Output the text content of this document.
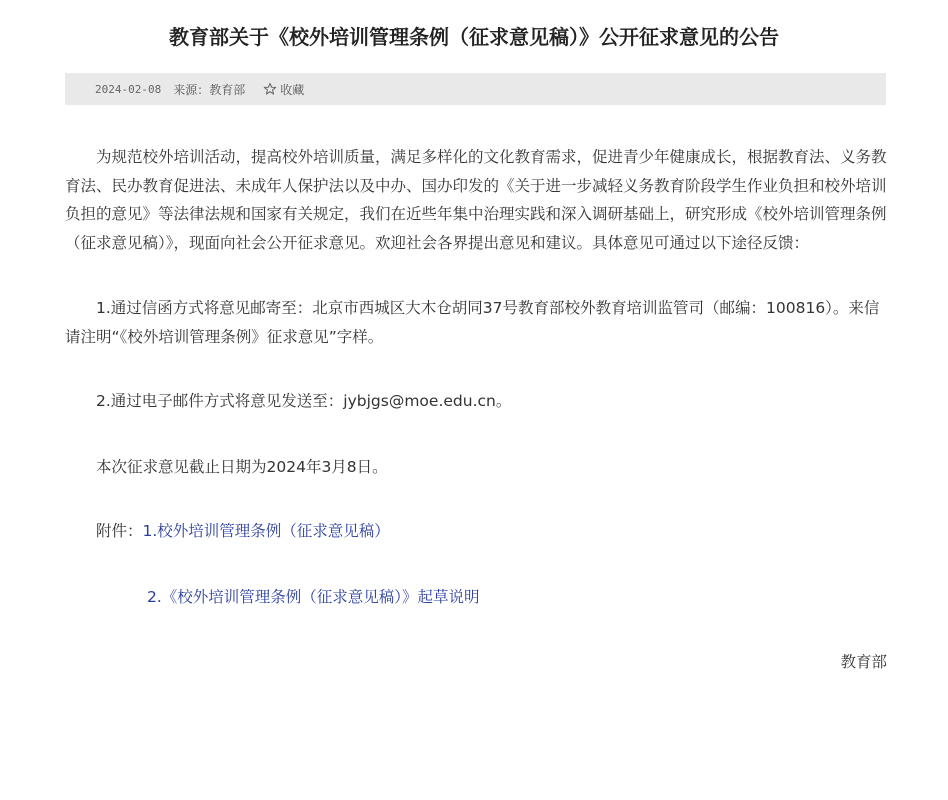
教育部关于《校外培训管理条例（征求意见稿）》公开征求意见的公告
2024-02-08 来源： 教育部	收藏

为规范校外培训活动，提高校外培训质量，满足多样化的文化教育需求，促进青少年健康成长，根据教育法、义务教育法、民办教育促进法、未成年人保护法以及中办、国办印发的《关于进一步减轻义务教育阶段学生作业负担和校外培训负担的意见》等法律法规和国家有关规定，我们在近些年集中治理实践和深入调研基础上，研究形成《校外培训管理条例（征求意见稿）》，现面向社会公开征求意见。欢迎社会各界提出意见和建议。具体意见可通过以下途径反馈：

1.通过信函方式将意见邮寄至：北京市西城区大木仓胡同37号教育部校外教育培训监管司（邮编：100816）。来信请注明“《校外培训管理条例》征求意见”字样。

2.通过电子邮件方式将意见发送至：jybjgs@moe.edu.cn。

本次征求意见截止日期为2024年3月8日。

附件：1.校外培训管理条例（征求意见稿）

2.《校外培训管理条例（征求意见稿）》起草说明

教育部
